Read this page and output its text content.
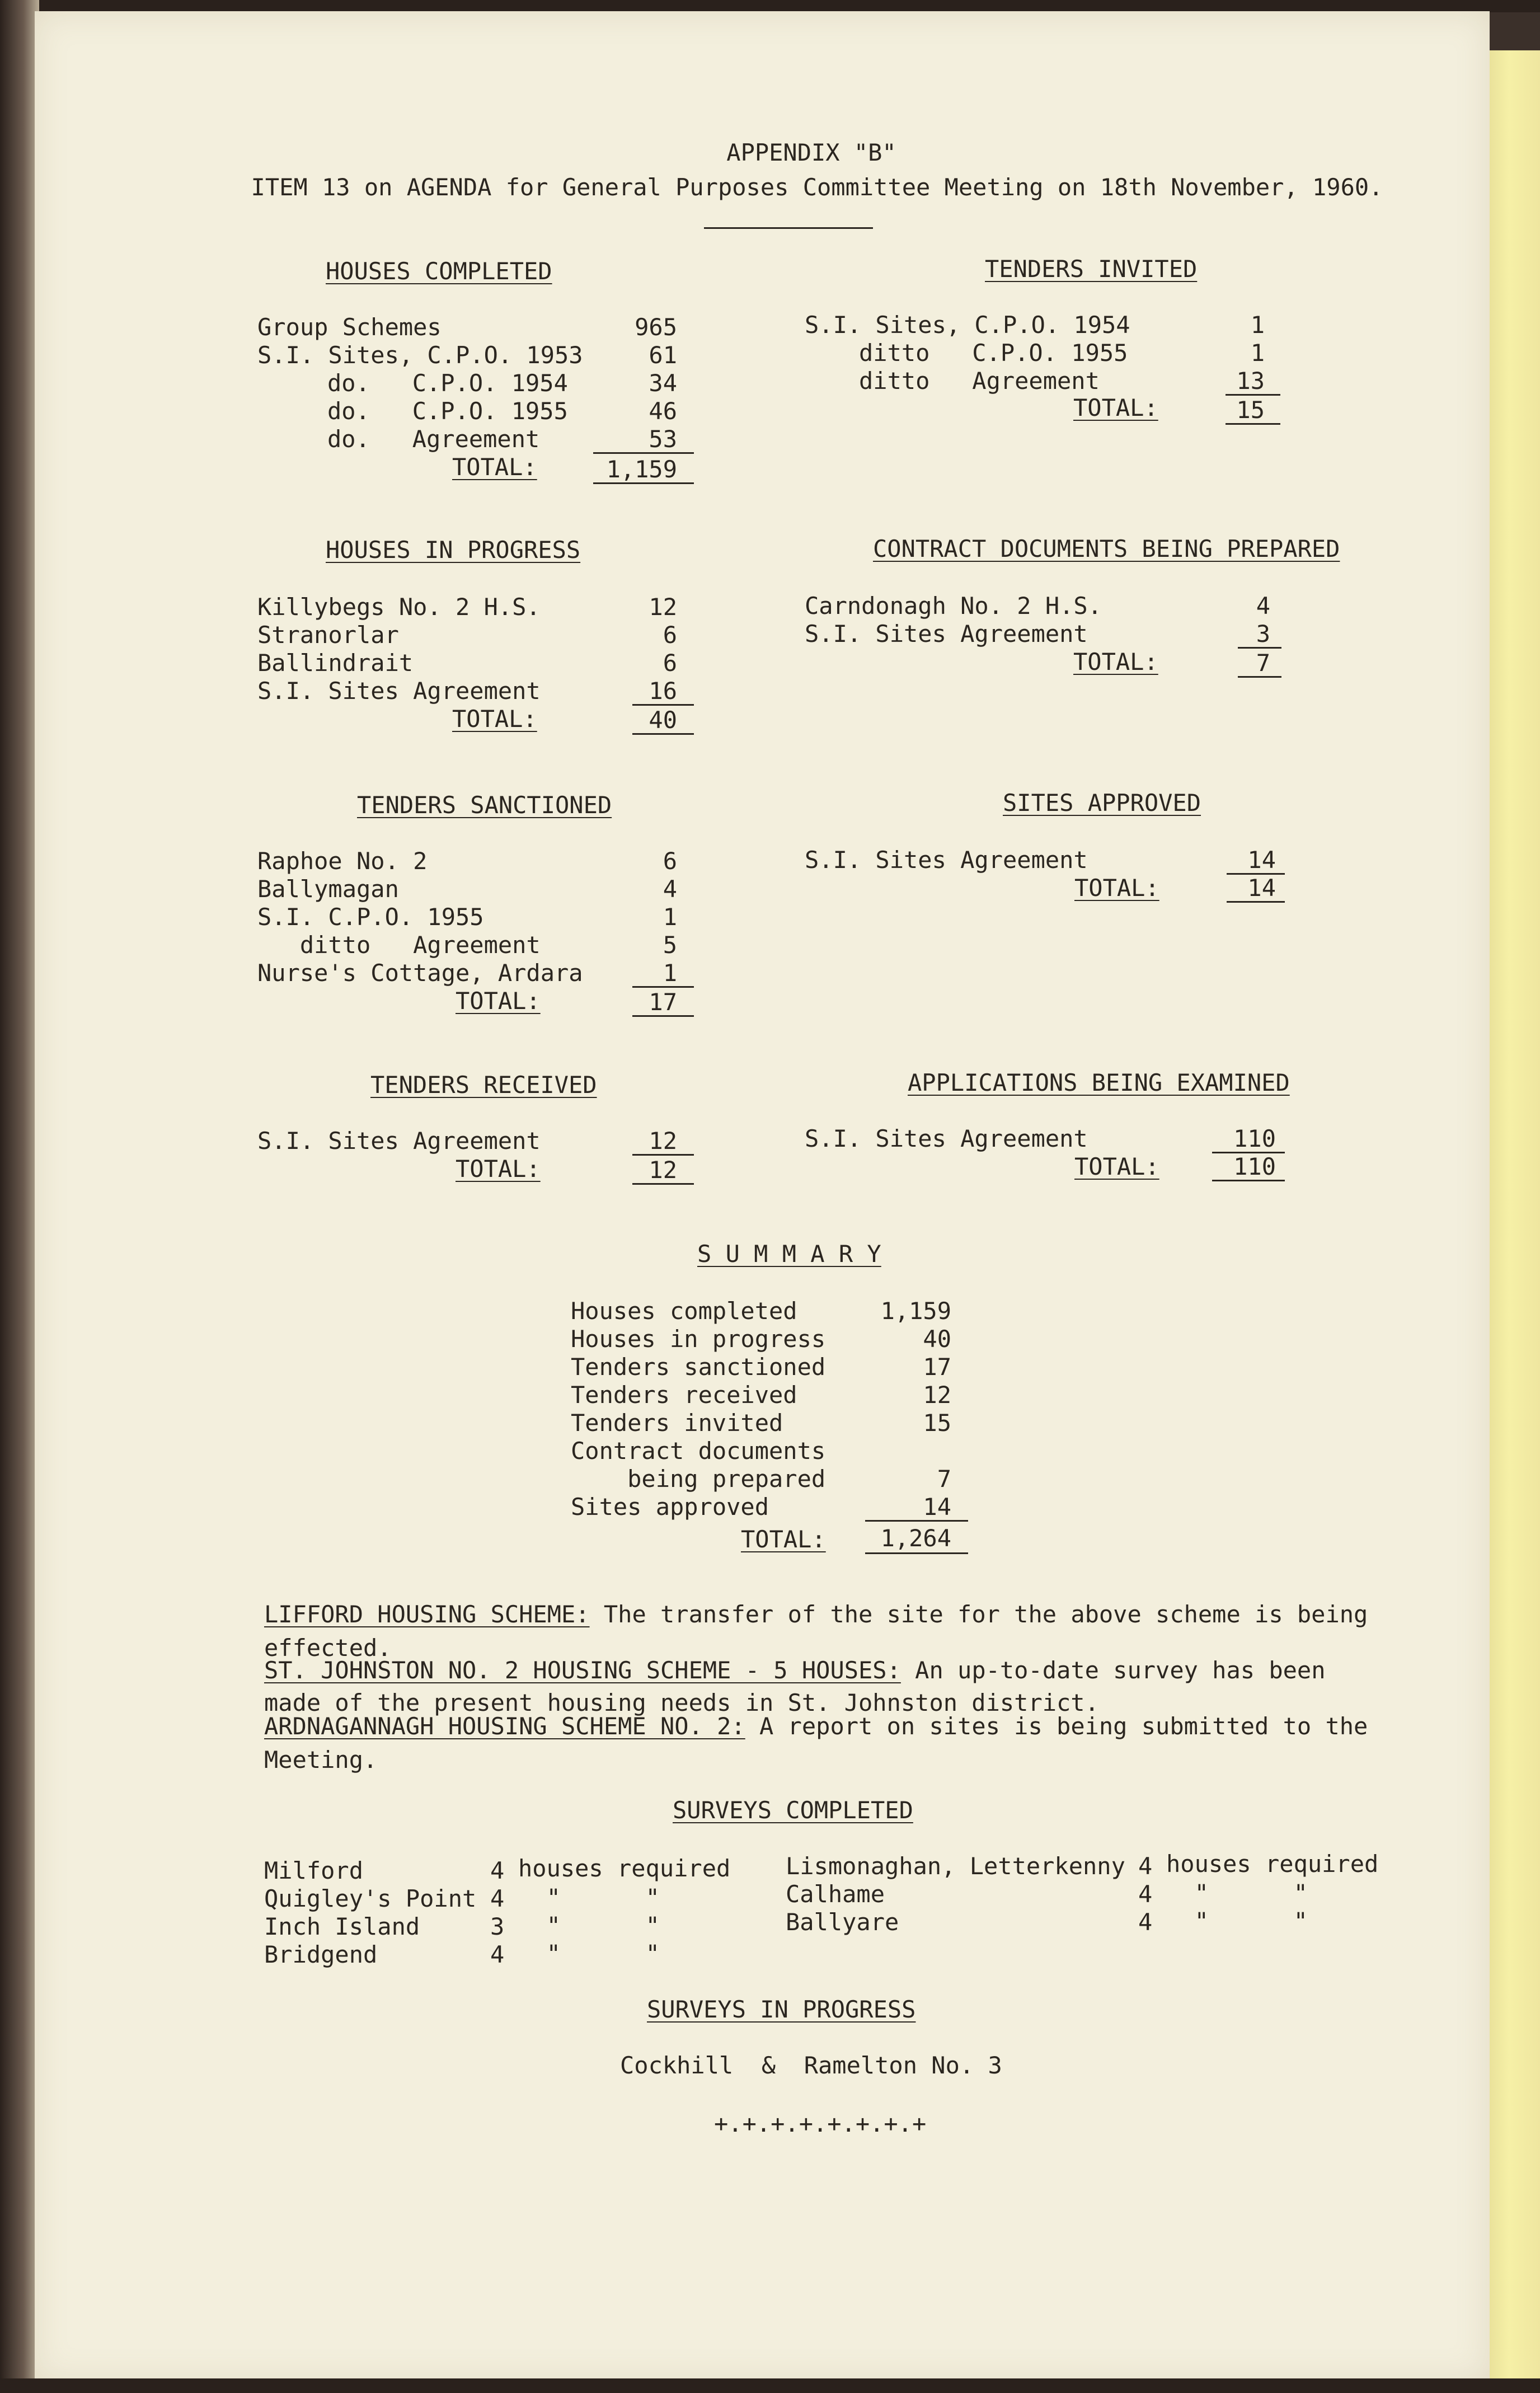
APPENDIX "B"
ITEM 13 on AGENDA for General Purposes Committee Meeting on 18th November, 1960.
HOUSES COMPLETED
Group Schemes	965
S.I. Sites, C.P.O. 1953	61
do.   C.P.O. 1954	34
do.   C.P.O. 1955	46
do.   Agreement	53
TOTAL:	1,159
TENDERS INVITED
S.I. Sites, C.P.O. 1954	1
ditto   C.P.O. 1955	1
ditto   Agreement	13
TOTAL:	15
HOUSES IN PROGRESS
Killybegs No. 2 H.S.	12
Stranorlar	6
Ballindrait	6
S.I. Sites Agreement	16
TOTAL:	40
CONTRACT DOCUMENTS BEING PREPARED
Carndonagh No. 2 H.S.	4
S.I. Sites Agreement	3
TOTAL:	7
TENDERS SANCTIONED
Raphoe No. 2	6
Ballymagan	4
S.I. C.P.O. 1955	1
ditto   Agreement	5
Nurse's Cottage, Ardara	1
TOTAL:	17
SITES APPROVED
S.I. Sites Agreement	14
TOTAL:	14
TENDERS RECEIVED
S.I. Sites Agreement	12
TOTAL:	12
APPLICATIONS BEING EXAMINED
S.I. Sites Agreement	110
TOTAL:	110
S U M M A R Y
Houses completed	1,159
Houses in progress	40
Tenders sanctioned	17
Tenders received	12
Tenders invited	15
Contract documents
being prepared	7
Sites approved	14
TOTAL:	1,264
LIFFORD HOUSING SCHEME: The transfer of the site for the above scheme is being
effected.
ST. JOHNSTON NO. 2 HOUSING SCHEME - 5 HOUSES: An up-to-date survey has been
made of the present housing needs in St. Johnston district.
ARDNAGANNAGH HOUSING SCHEME NO. 2: A report on sites is being submitted to the
Meeting.
SURVEYS COMPLETED
Milford	4 houses required
Quigley's Point 4 "      "
Inch Island	3 "      "
Bridgend	4 "      "
Lismonaghan, Letterkenny 4 houses required
Calhame	4 "      "
Ballyare	4 "      "
SURVEYS IN PROGRESS
Cockhill  &  Ramelton No. 3
+.+.+.+.+.+.+.+
